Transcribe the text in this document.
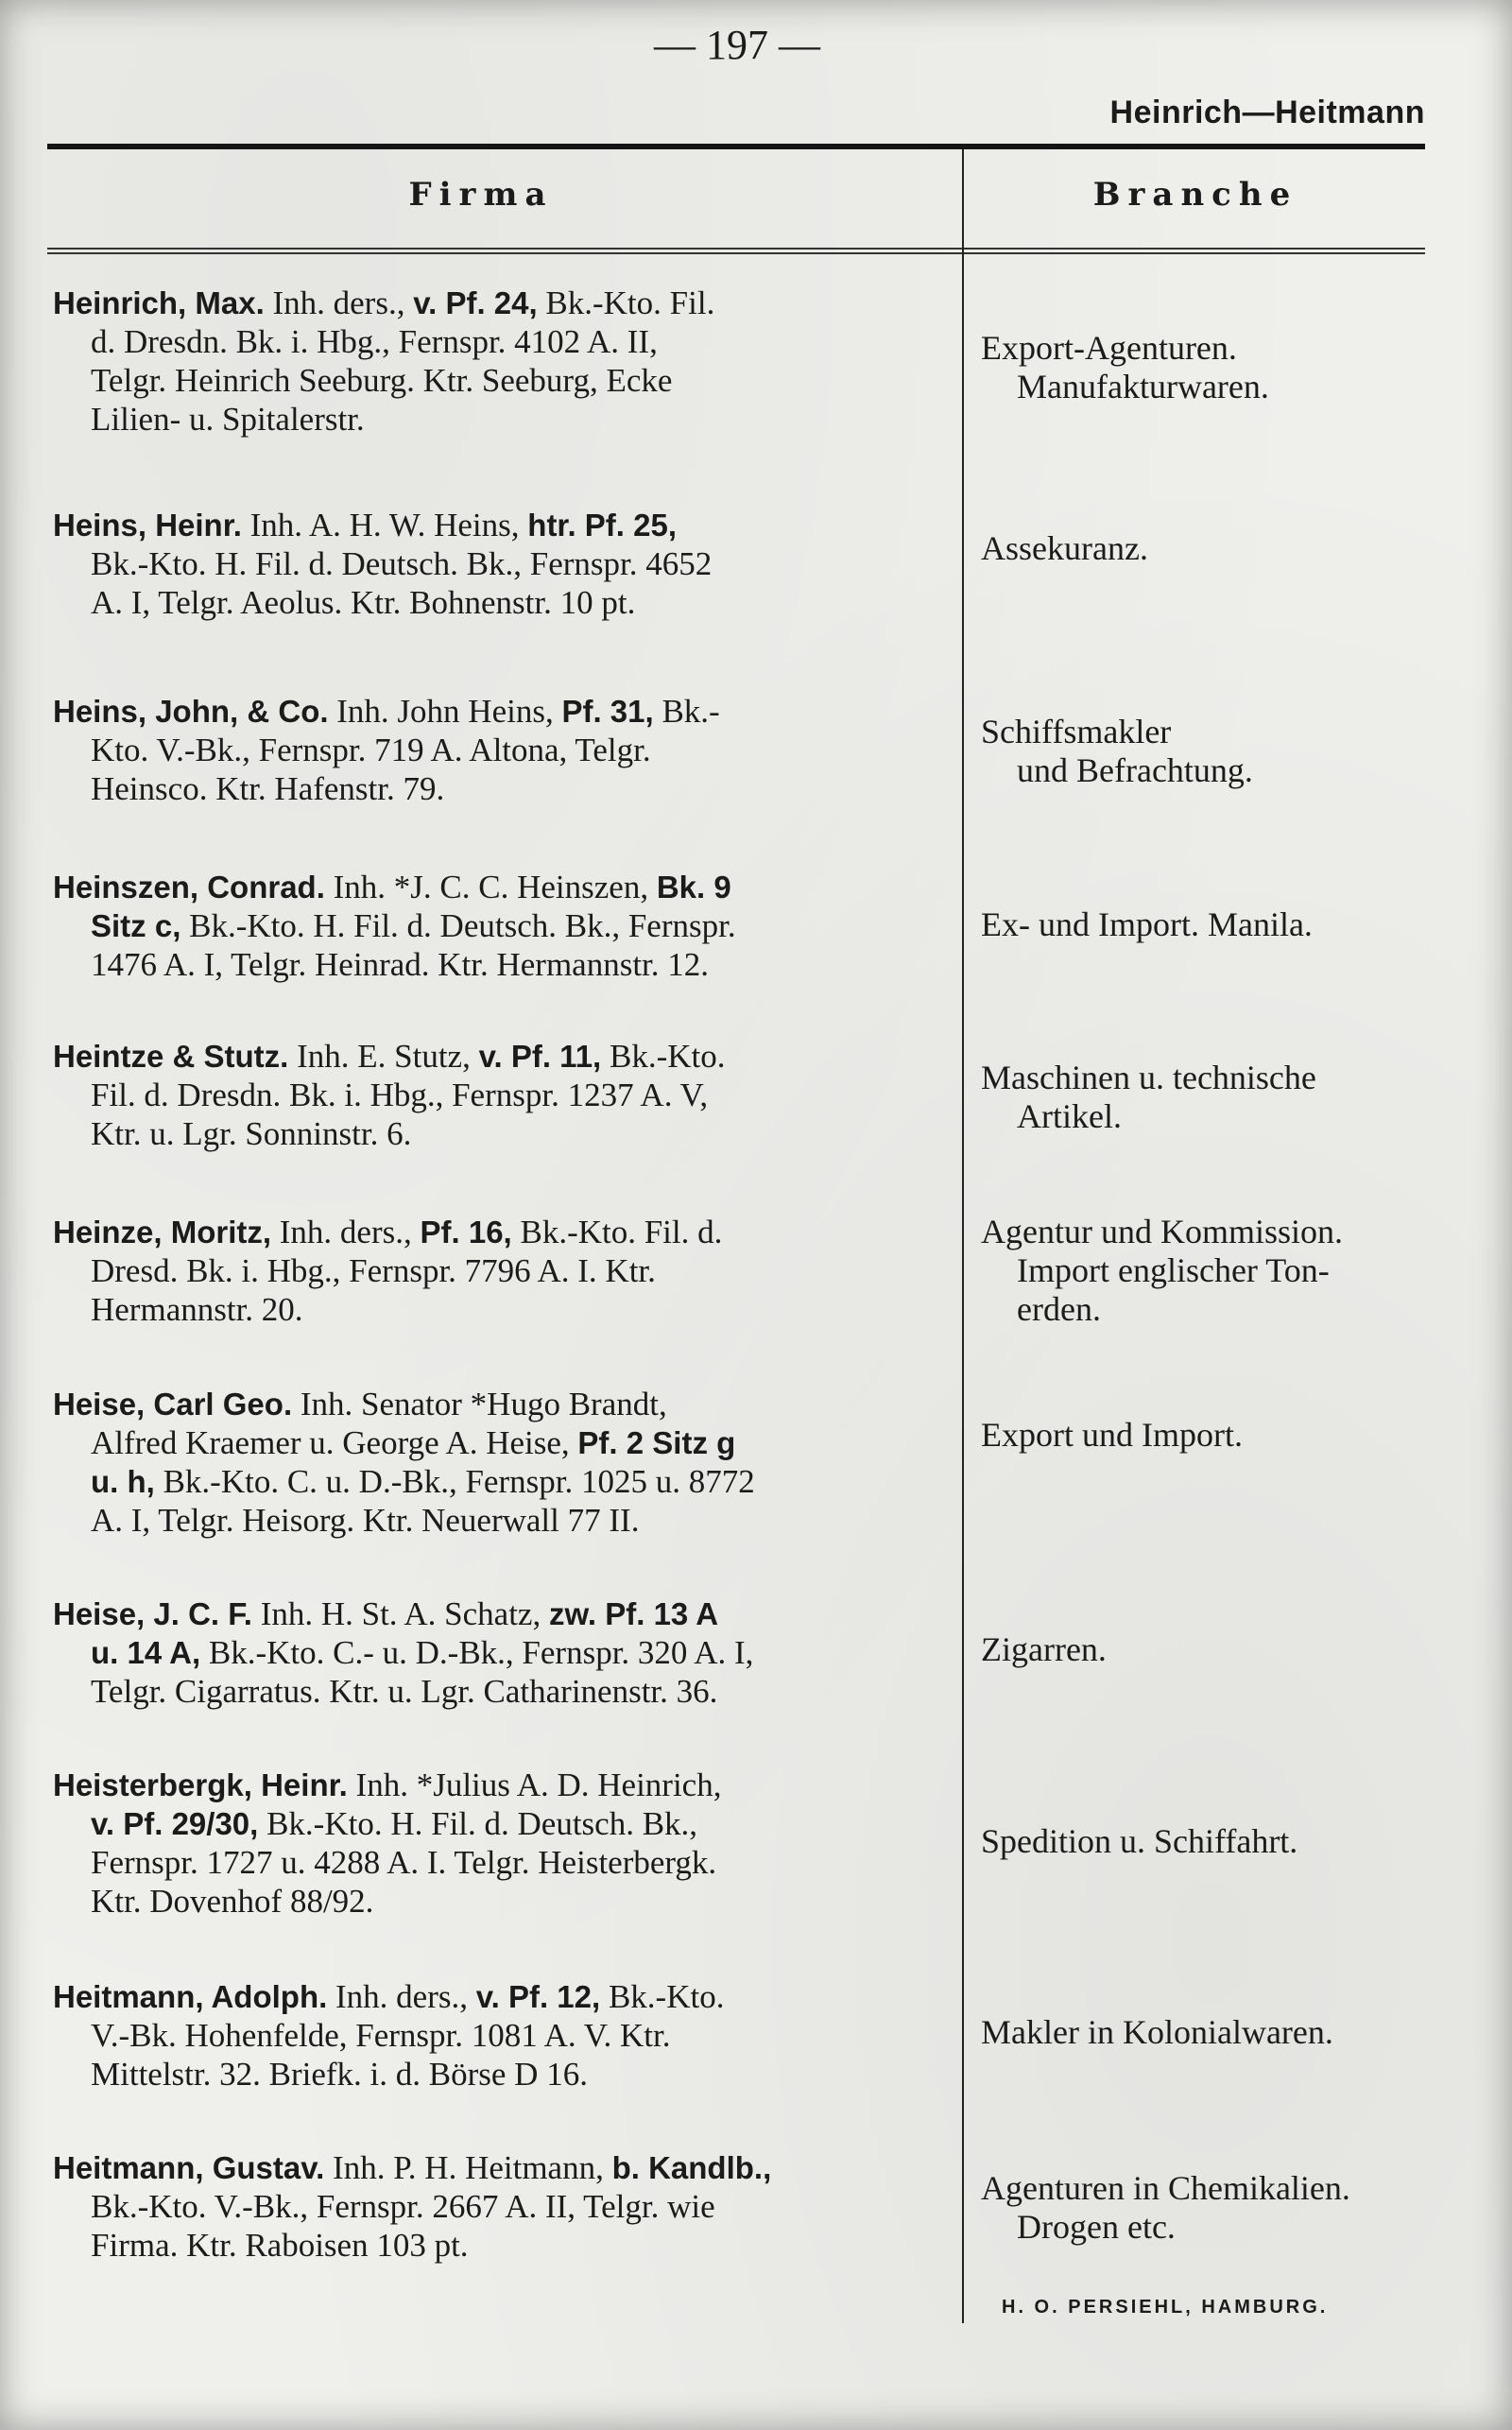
— 197 —
Heinrich—Heitmann
Firma	Branche
Heinrich, Max. Inh. ders., v. Pf. 24, Bk.-Kto. Fil.
d. Dresdn. Bk. i. Hbg., Fernspr. 4102 A. II,
Telgr. Heinrich Seeburg. Ktr. Seeburg, Ecke
Lilien- u. Spitalerstr.
Export-Agenturen.
Manufakturwaren.
Heins, Heinr. Inh. A. H. W. Heins, htr. Pf. 25,
Bk.-Kto. H. Fil. d. Deutsch. Bk., Fernspr. 4652
A. I, Telgr. Aeolus. Ktr. Bohnenstr. 10 pt.
Assekuranz.
Heins, John, & Co. Inh. John Heins, Pf. 31, Bk.-
Kto. V.-Bk., Fernspr. 719 A. Altona, Telgr.
Heinsco. Ktr. Hafenstr. 79.
Schiffsmakler
und Befrachtung.
Heinszen, Conrad. Inh. *J. C. C. Heinszen, Bk. 9
Sitz c, Bk.-Kto. H. Fil. d. Deutsch. Bk., Fernspr.
1476 A. I, Telgr. Heinrad. Ktr. Hermannstr. 12.
Ex- und Import. Manila.
Heintze & Stutz. Inh. E. Stutz, v. Pf. 11, Bk.-Kto.
Fil. d. Dresdn. Bk. i. Hbg., Fernspr. 1237 A. V,
Ktr. u. Lgr. Sonninstr. 6.
Maschinen u. technische
Artikel.
Heinze, Moritz, Inh. ders., Pf. 16, Bk.-Kto. Fil. d.
Dresd. Bk. i. Hbg., Fernspr. 7796 A. I. Ktr.
Hermannstr. 20.
Agentur und Kommission.
Import englischer Ton-
erden.
Heise, Carl Geo. Inh. Senator *Hugo Brandt,
Alfred Kraemer u. George A. Heise, Pf. 2 Sitz g
u. h, Bk.-Kto. C. u. D.-Bk., Fernspr. 1025 u. 8772
A. I, Telgr. Heisorg. Ktr. Neuerwall 77 II.
Export und Import.
Heise, J. C. F. Inh. H. St. A. Schatz, zw. Pf. 13 A
u. 14 A, Bk.-Kto. C.- u. D.-Bk., Fernspr. 320 A. I,
Telgr. Cigarratus. Ktr. u. Lgr. Catharinenstr. 36.
Zigarren.
Heisterbergk, Heinr. Inh. *Julius A. D. Heinrich,
v. Pf. 29/30, Bk.-Kto. H. Fil. d. Deutsch. Bk.,
Fernspr. 1727 u. 4288 A. I. Telgr. Heisterbergk.
Ktr. Dovenhof 88/92.
Spedition u. Schiffahrt.
Heitmann, Adolph. Inh. ders., v. Pf. 12, Bk.-Kto.
V.-Bk. Hohenfelde, Fernspr. 1081 A. V. Ktr.
Mittelstr. 32. Briefk. i. d. Börse D 16.
Makler in Kolonialwaren.
Heitmann, Gustav. Inh. P. H. Heitmann, b. Kandlb.,
Bk.-Kto. V.-Bk., Fernspr. 2667 A. II, Telgr. wie
Firma. Ktr. Raboisen 103 pt.
Agenturen in Chemikalien.
Drogen etc.
H. O. PERSIEHL, HAMBURG.
